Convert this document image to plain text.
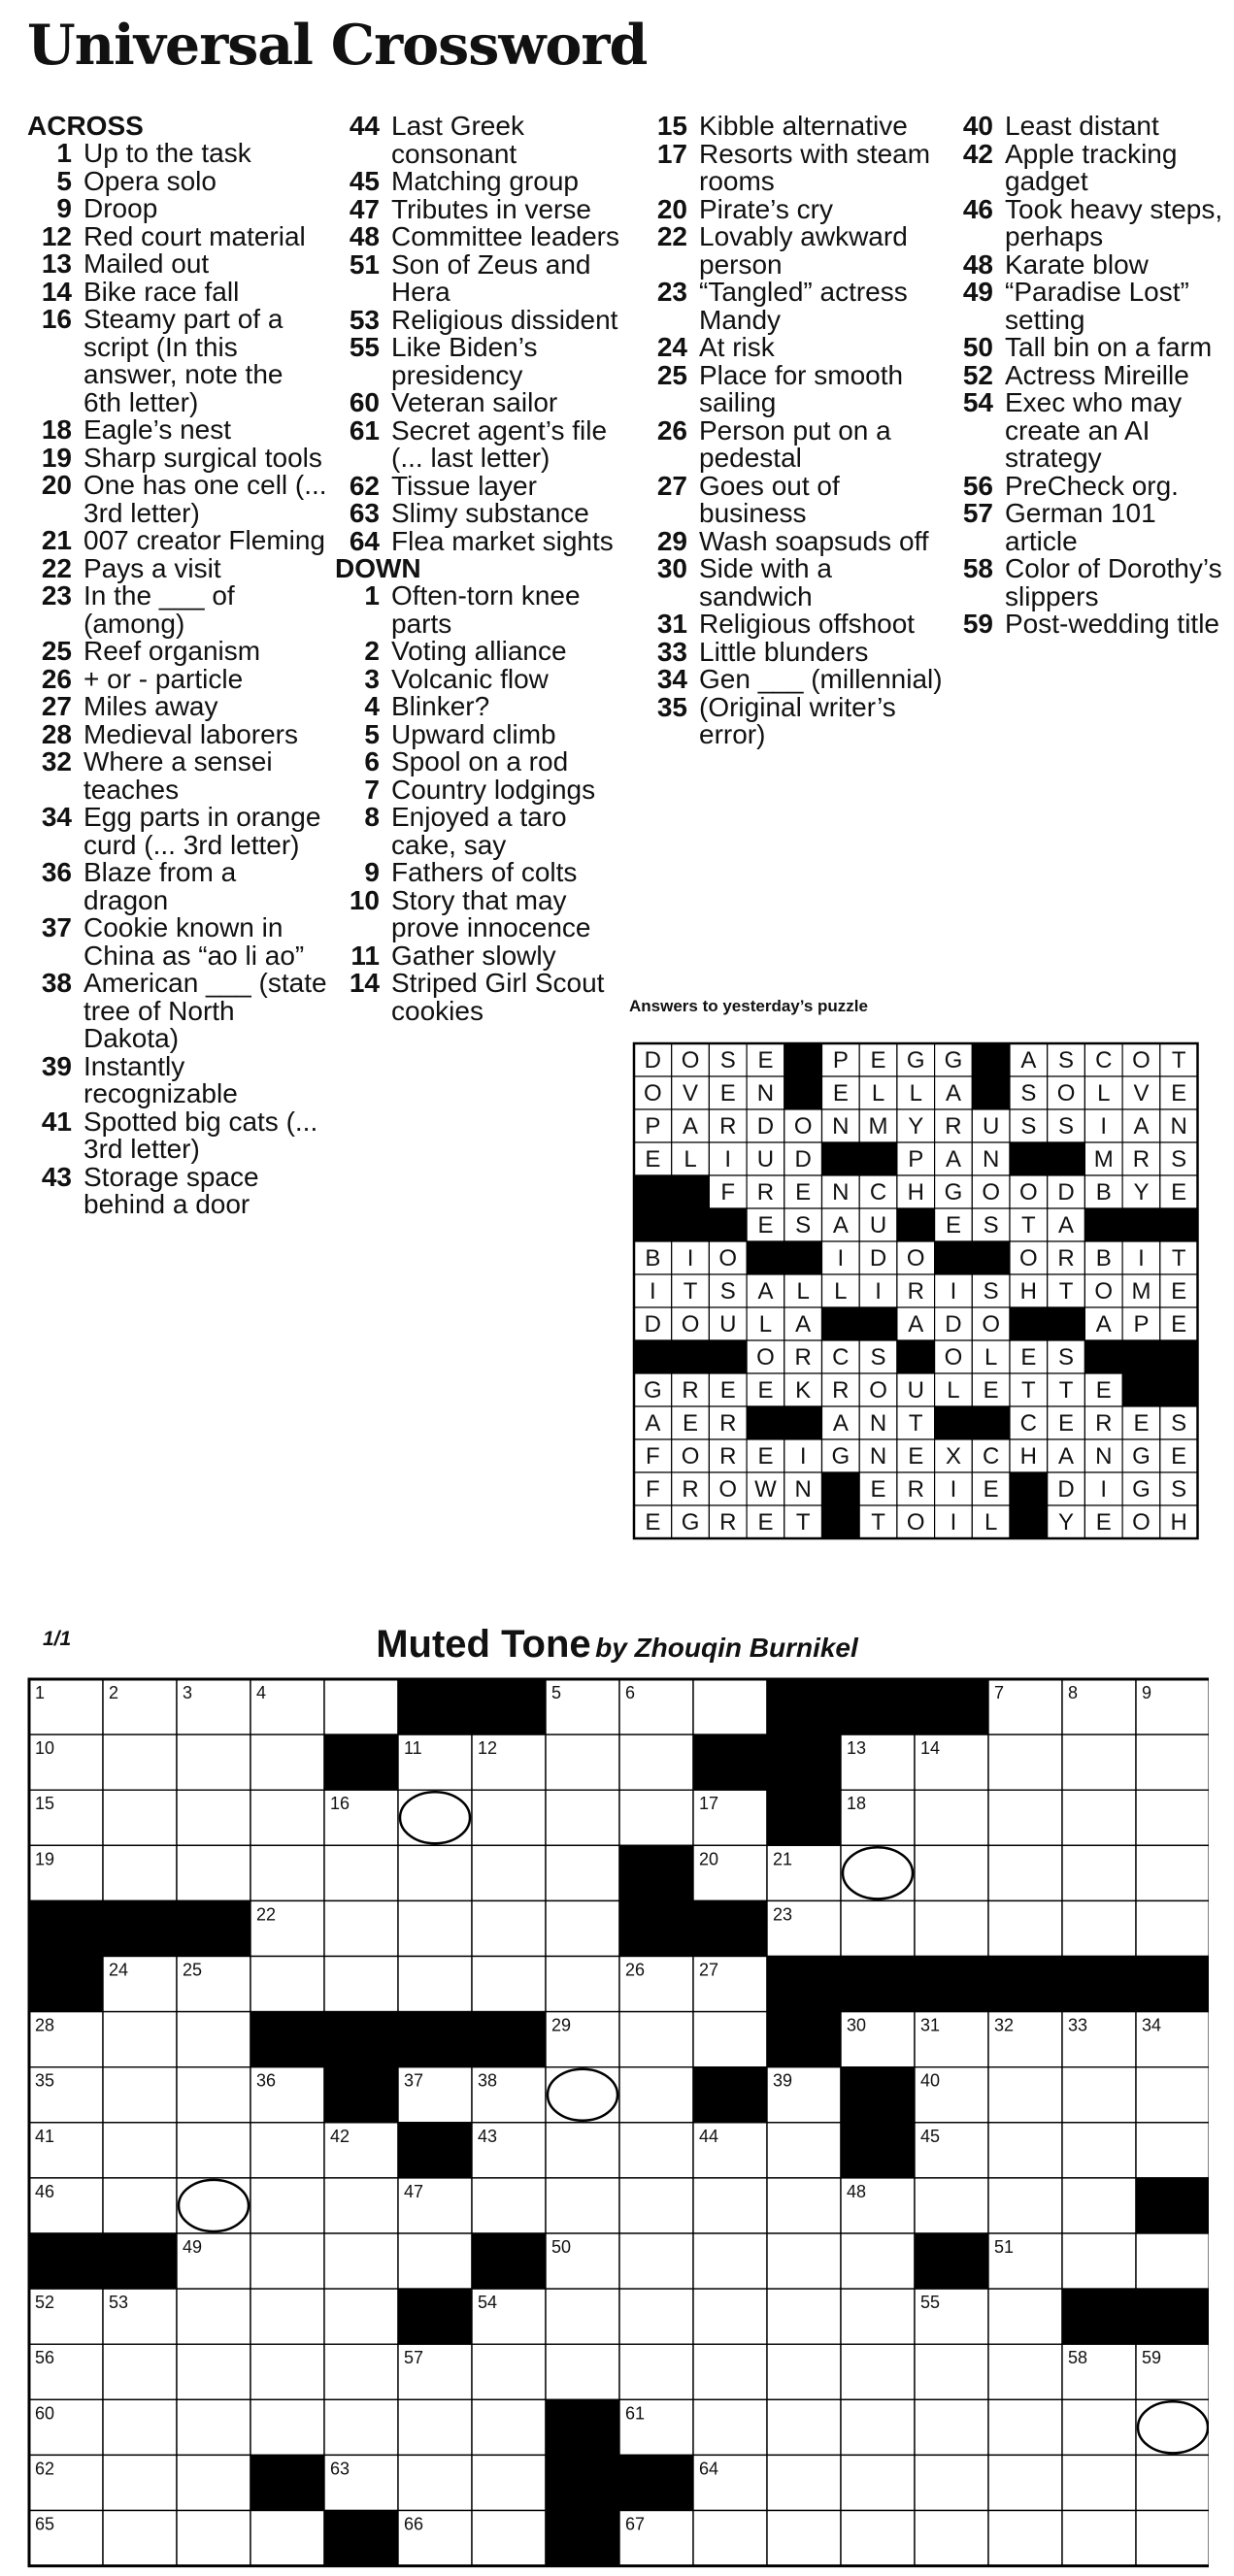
Universal Crossword
ACROSS
1 Up to the task
5 Opera solo
9 Droop
12 Red court material
13 Mailed out
14 Bike race fall
16 Steamy part of a script (In this answer, note the 6th letter)
18 Eagle’s nest
19 Sharp surgical tools
20 One has one cell (... 3rd letter)
21 007 creator Fleming
22 Pays a visit
23 In the ___ of (among)
25 Reef organism
26 + or - particle
27 Miles away
28 Medieval laborers
32 Where a sensei teaches
34 Egg parts in orange curd (... 3rd letter)
36 Blaze from a dragon
37 Cookie known in China as “ao li ao”
38 American ___ (state tree of North Dakota)
39 Instantly recognizable
41 Spotted big cats (... 3rd letter)
43 Storage space behind a door
44 Last Greek consonant
45 Matching group
47 Tributes in verse
48 Committee leaders
51 Son of Zeus and Hera
53 Religious dissident
55 Like Biden’s presidency
60 Veteran sailor
61 Secret agent’s file (... last letter)
62 Tissue layer
63 Slimy substance
64 Flea market sights
DOWN
1 Often-torn knee parts
2 Voting alliance
3 Volcanic flow
4 Blinker?
5 Upward climb
6 Spool on a rod
7 Country lodgings
8 Enjoyed a taro cake, say
9 Fathers of colts
10 Story that may prove innocence
11 Gather slowly
14 Striped Girl Scout cookies
15 Kibble alternative
17 Resorts with steam rooms
20 Pirate’s cry
22 Lovably awkward person
23 “Tangled” actress Mandy
24 At risk
25 Place for smooth sailing
26 Person put on a pedestal
27 Goes out of business
29 Wash soapsuds off
30 Side with a sandwich
31 Religious offshoot
33 Little blunders
34 Gen ___ (millennial)
35 (Original writer’s error)
40 Least distant
42 Apple tracking gadget
46 Took heavy steps, perhaps
48 Karate blow
49 “Paradise Lost” setting
50 Tall bin on a farm
52 Actress Mireille
54 Exec who may create an AI strategy
56 PreCheck org.
57 German 101 article
58 Color of Dorothy’s slippers
59 Post-wedding title

Answers to yesterday’s puzzle

D O S E	P E G G	A S C O T
O V E N	E L L A	S O L V E
P A R D O N M Y R U S S I A N
E L I U D	P A N	M R S
F R E N C H G O O D B Y E
E S A U	E S T A
B I O	I D O	O R B I T
I T S A L L I R I S H T O M E
D O U L A	A D O	A P E
O R C S	O L E S
G R E E K R O U L E T T E
A E R	A N T	C E R E S
F O R E I G N E X C H A N G E
F R O W N	E R I E	D I G S
E G R E T	T O I L	Y E O H
1/1	Muted Tone by Zhouqin Burnikel
1	2	3	4	5	6	7	8	9
10	11	12	13	14
15	16	17	18
19	20	21
22	23
24	25	26	27
28	29	30	31	32	33	34
35	36	37	38	39	40
41	42	43	44	45
46	47	48
49	50	51
52	53	54	55
56	57	58	59
60	61
62	63	64
65	66	67
